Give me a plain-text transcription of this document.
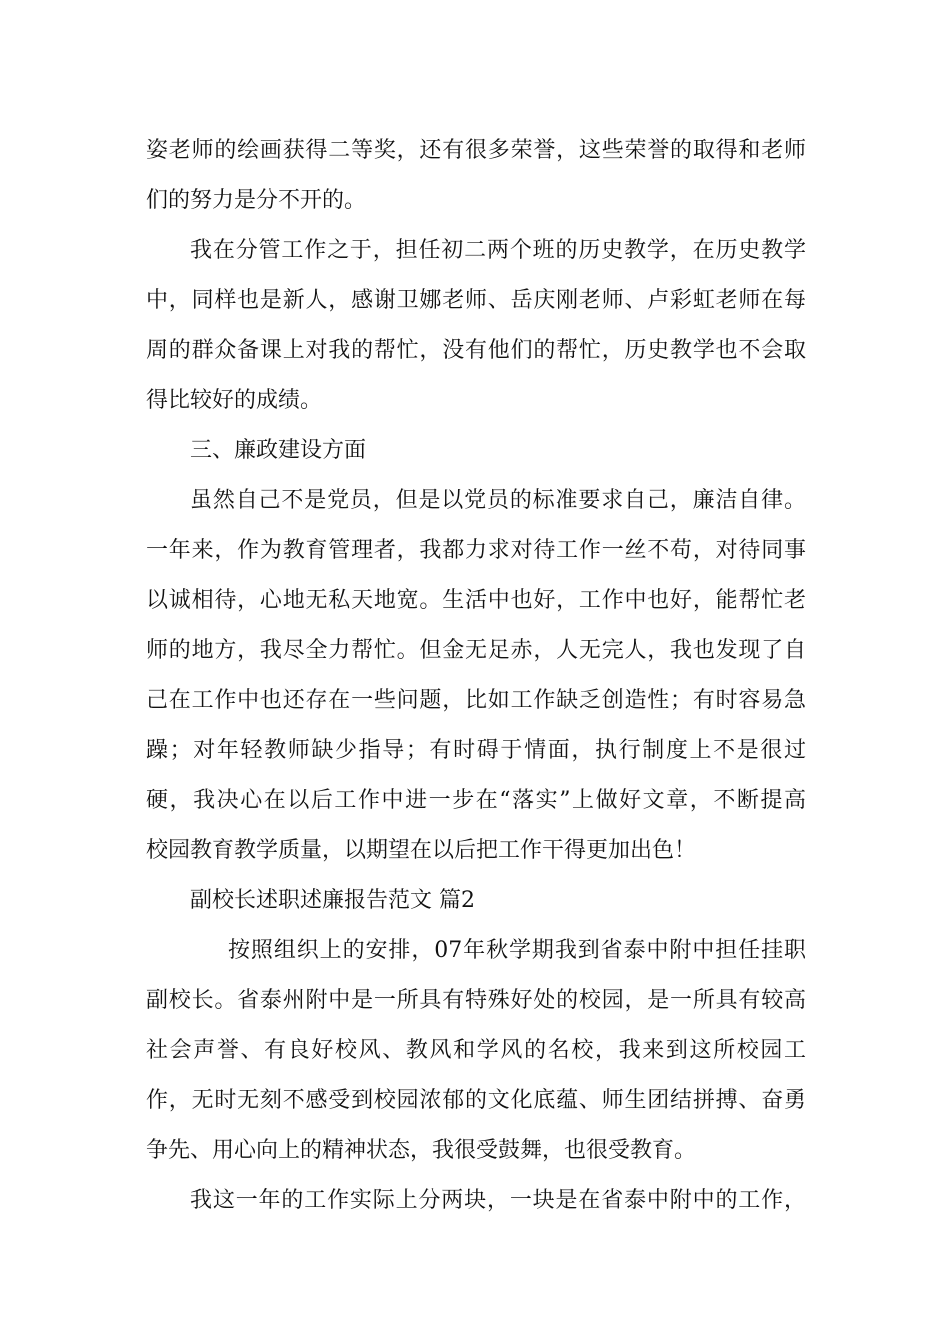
姿老师的绘画获得二等奖，还有很多荣誉，这些荣誉的取得和老师
们的努力是分不开的。
我在分管工作之于，担任初二两个班的历史教学，在历史教学
中，同样也是新人，感谢卫娜老师、岳庆刚老师、卢彩虹老师在每
周的群众备课上对我的帮忙，没有他们的帮忙，历史教学也不会取
得比较好的成绩。
三、廉政建设方面
虽然自己不是党员，但是以党员的标准要求自己，廉洁自律。
一年来，作为教育管理者，我都力求对待工作一丝不苟，对待同事
以诚相待，心地无私天地宽。生活中也好，工作中也好，能帮忙老
师的地方，我尽全力帮忙。但金无足赤，人无完人，我也发现了自
己在工作中也还存在一些问题，比如工作缺乏创造性；有时容易急
躁；对年轻教师缺少指导；有时碍于情面，执行制度上不是很过
硬，我决心在以后工作中进一步在“落实”上做好文章，不断提高
校园教育教学质量，以期望在以后把工作干得更加出色！
副校长述职述廉报告范文 篇2
按照组织上的安排，07年秋学期我到省泰中附中担任挂职
副校长。省泰州附中是一所具有特殊好处的校园，是一所具有较高
社会声誉、有良好校风、教风和学风的名校，我来到这所校园工
作，无时无刻不感受到校园浓郁的文化底蕴、师生团结拼搏、奋勇
争先、用心向上的精神状态，我很受鼓舞，也很受教育。
我这一年的工作实际上分两块，一块是在省泰中附中的工作，
